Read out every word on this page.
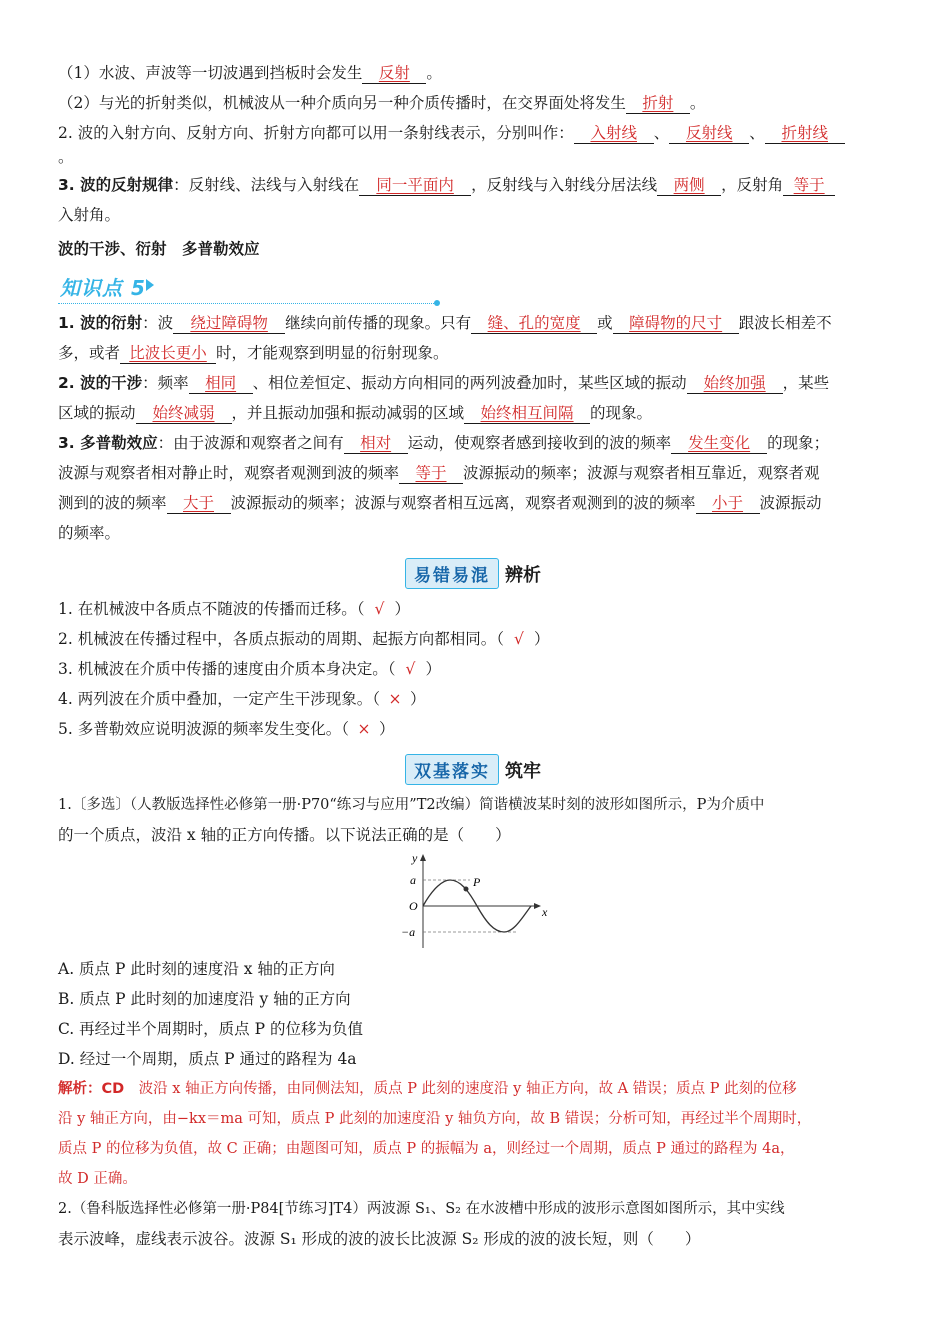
（1）水波、声波等一切波遇到挡板时会发生 反射 。
（2）与光的折射类似，机械波从一种介质向另一种介质传播时，在交界面处将发生 折射 。
2. 波的入射方向、反射方向、折射方向都可以用一条射线表示，分别叫作： 入射线 、 反射线 、 折射线
。
3. 波的反射规律：反射线、法线与入射线在 同一平面内 ，反射线与入射线分居法线 两侧 ，反射角 等于
入射角。
波的干涉、衍射　多普勒效应
知识点 5
1. 波的衍射：波 绕过障碍物 继续向前传播的现象。只有 缝、孔的宽度 或 障碍物的尺寸 跟波长相差不
多，或者 比波长更小 时，才能观察到明显的衍射现象。
2. 波的干涉：频率 相同 、相位差恒定、振动方向相同的两列波叠加时，某些区域的振动 始终加强 ，某些
区域的振动 始终减弱 ，并且振动加强和振动减弱的区域 始终相互间隔 的现象。
3. 多普勒效应：由于波源和观察者之间有 相对 运动，使观察者感到接收到的波的频率 发生变化 的现象；
波源与观察者相对静止时，观察者观测到波的频率 等于 波源振动的频率；波源与观察者相互靠近，观察者观
测到的波的频率 大于 波源振动的频率；波源与观察者相互远离，观察者观测到的波的频率 小于 波源振动
的频率。
易错易混 辨析
1. 在机械波中各质点不随波的传播而迁移。（ √ ）
2. 机械波在传播过程中，各质点振动的周期、起振方向都相同。（ √ ）
3. 机械波在介质中传播的速度由介质本身决定。（ √ ）
4. 两列波在介质中叠加，一定产生干涉现象。（ × ）
5. 多普勒效应说明波源的频率发生变化。（ × ）
双基落实 筑牢
1.〔多选〕（人教版选择性必修第一册·P70“练习与应用”T2改编）简谐横波某时刻的波形如图所示，P为介质中
的一个质点，波沿 x 轴的正方向传播。以下说法正确的是（　　）
P
y
a
O
−a
x
A. 质点 P 此时刻的速度沿 x 轴的正方向
B. 质点 P 此时刻的加速度沿 y 轴的正方向
C. 再经过半个周期时，质点 P 的位移为负值
D. 经过一个周期，质点 P 通过的路程为 4a
解析：CD　波沿 x 轴正方向传播，由同侧法知，质点 P 此刻的速度沿 y 轴正方向，故 A 错误；质点 P 此刻的位移
沿 y 轴正方向，由−kx＝ma 可知，质点 P 此刻的加速度沿 y 轴负方向，故 B 错误；分析可知，再经过半个周期时，
质点 P 的位移为负值，故 C 正确；由题图可知，质点 P 的振幅为 a，则经过一个周期，质点 P 通过的路程为 4a，
故 D 正确。
2.（鲁科版选择性必修第一册·P84[节练习]T4）两波源 S₁、S₂ 在水波槽中形成的波形示意图如图所示，其中实线
表示波峰，虚线表示波谷。波源 S₁ 形成的波的波长比波源 S₂ 形成的波的波长短，则（　　）
